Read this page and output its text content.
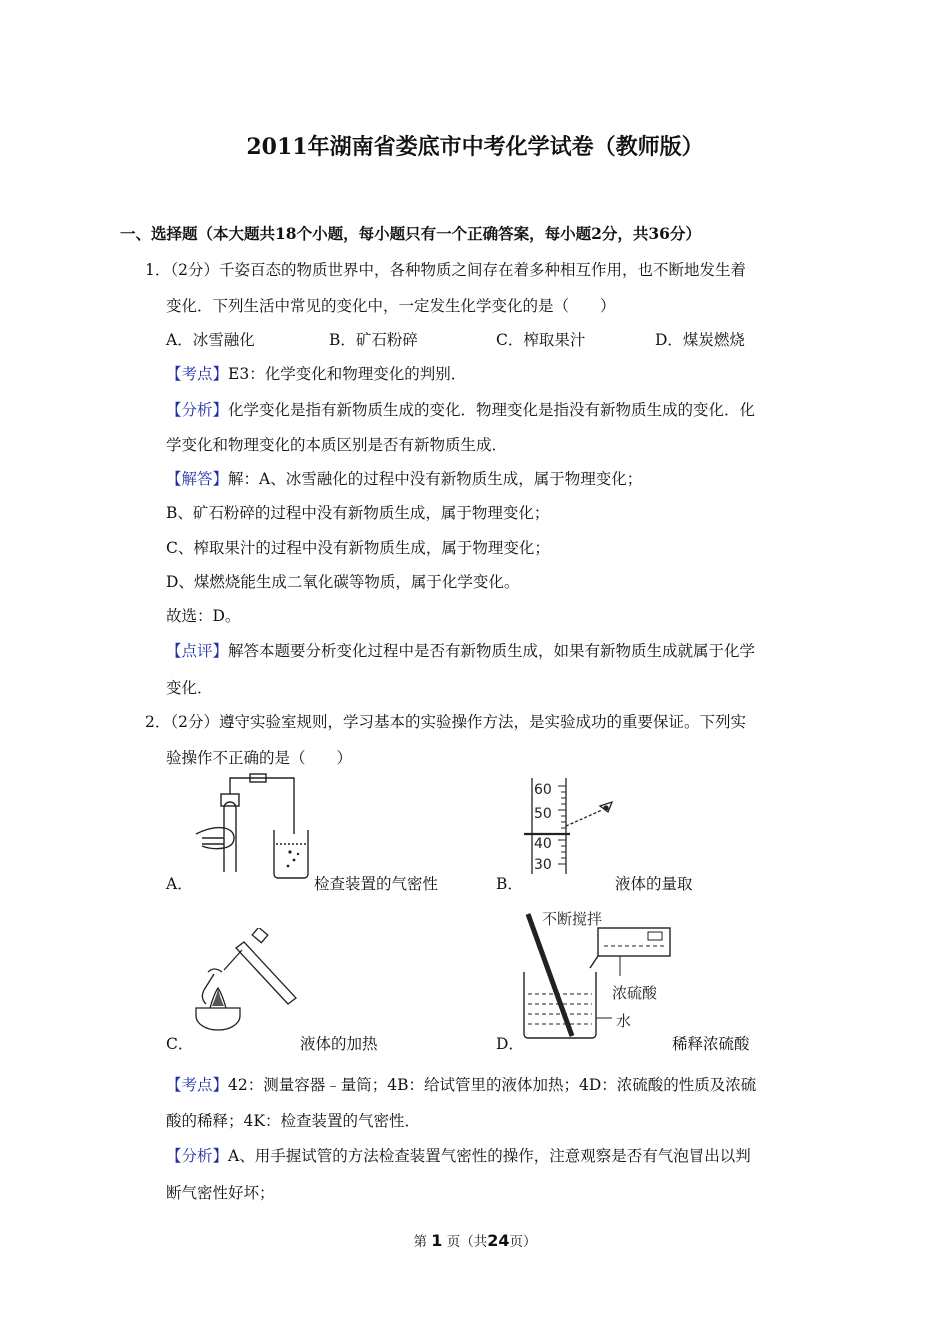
2011年湖南省娄底市中考化学试卷（教师版）
一、选择题（本大题共18个小题，每小题只有一个正确答案，每小题2分，共36分）
1．（2分）千姿百态的物质世界中，各种物质之间存在着多种相互作用，也不断地发生着
变化．下列生活中常见的变化中，一定发生化学变化的是（　　）
A．冰雪融化	B．矿石粉碎	C．榨取果汁	D．煤炭燃烧
【考点】E3：化学变化和物理变化的判别．
【分析】化学变化是指有新物质生成的变化．物理变化是指没有新物质生成的变化．化
学变化和物理变化的本质区别是否有新物质生成．
【解答】解：A、冰雪融化的过程中没有新物质生成，属于物理变化；
B、矿石粉碎的过程中没有新物质生成，属于物理变化；
C、榨取果汁的过程中没有新物质生成，属于物理变化；
D、煤燃烧能生成二氧化碳等物质，属于化学变化。
故选：D。
【点评】解答本题要分析变化过程中是否有新物质生成，如果有新物质生成就属于化学
变化．
2．（2分）遵守实验室规则，学习基本的实验操作方法，是实验成功的重要保证。下列实
验操作不正确的是（　　）
A．	检查装置的气密性
60
50
40
30
B．	液体的量取
C．	液体的加热
不断搅拌
浓硫酸
水
D．	稀释浓硫酸
【考点】42：测量容器﹣量筒；4B：给试管里的液体加热；4D：浓硫酸的性质及浓硫
酸的稀释；4K：检查装置的气密性．
【分析】A、用手握试管的方法检查装置气密性的操作，注意观察是否有气泡冒出以判
断气密性好坏；
第 1 页（共24页）
